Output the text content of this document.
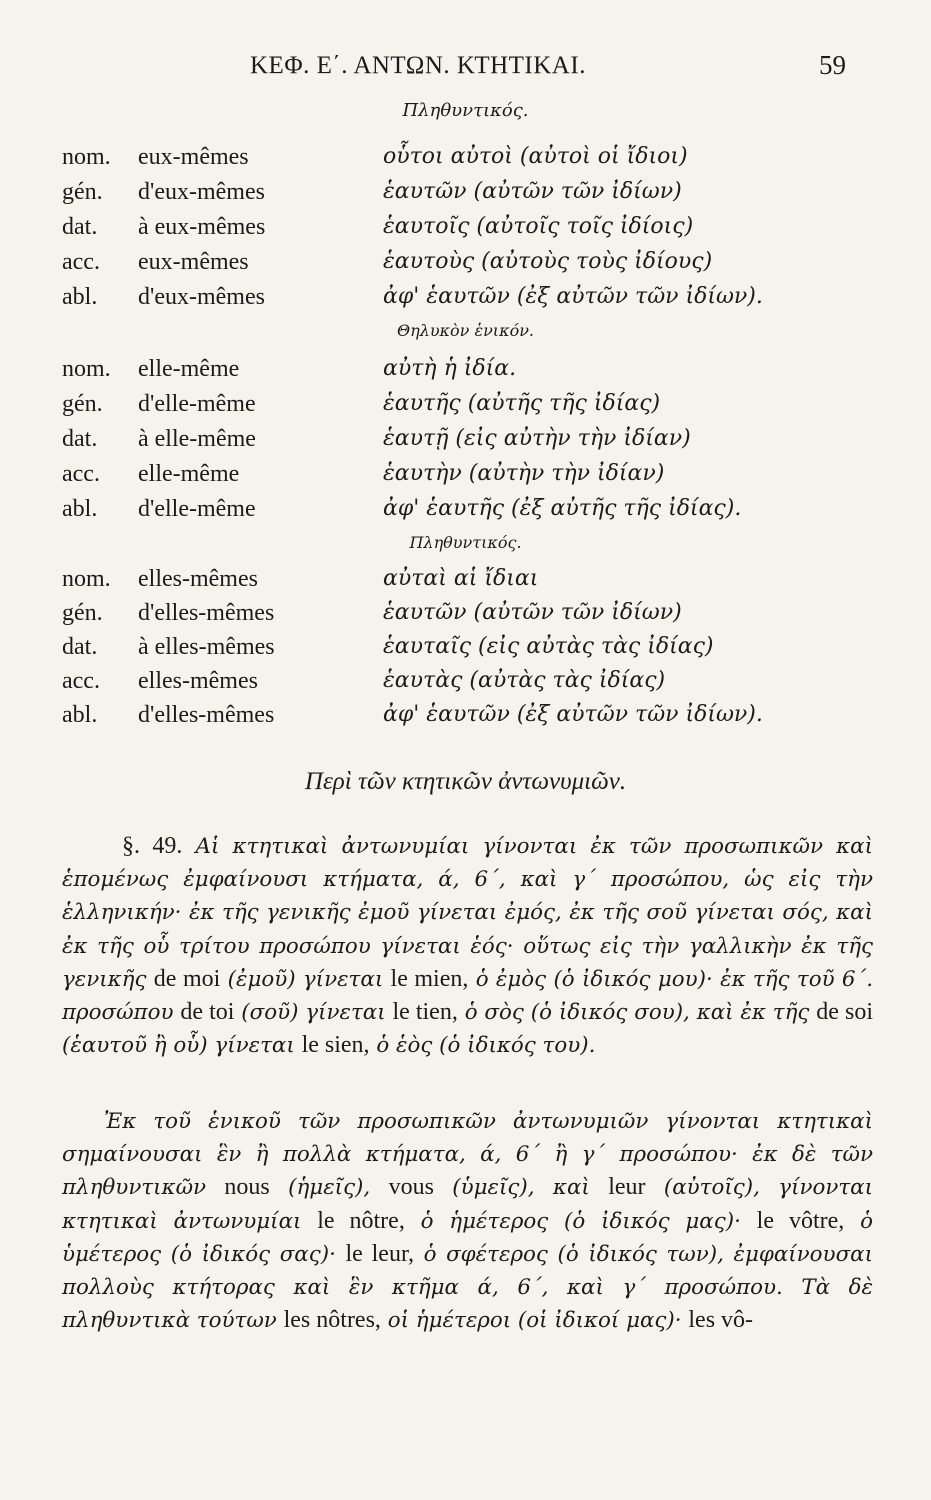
ΚΕΦ. Ε΄. ΑΝΤΩΝ. ΚΤΗΤΙΚΑΙ.	59
Πληθυντικός.
nom.	eux-mêmes	οὗτοι αὐτοὶ (αὐτοὶ οἱ ἴδιοι)
gén.	d'eux-mêmes	ἑαυτῶν (αὐτῶν τῶν ἰδίων)
dat.	à eux-mêmes	ἑαυτοῖς (αὐτοῖς τοῖς ἰδίοις)
acc.	eux-mêmes	ἑαυτοὺς (αὐτοὺς τοὺς ἰδίους)
abl.	d'eux-mêmes	ἀφ' ἑαυτῶν (ἐξ αὐτῶν τῶν ἰδίων).
Θηλυκὸν ἑνικόν.
nom.	elle-même	αὐτὴ ἡ ἰδία.
gén.	d'elle-même	ἑαυτῆς (αὐτῆς τῆς ἰδίας)
dat.	à elle-même	ἑαυτῇ (εἰς αὐτὴν τὴν ἰδίαν)
acc.	elle-même	ἑαυτὴν (αὐτὴν τὴν ἰδίαν)
abl.	d'elle-même	ἀφ' ἑαυτῆς (ἐξ αὐτῆς τῆς ἰδίας).
Πληθυντικός.
nom.	elles-mêmes	αὐταὶ αἱ ἴδιαι
gén.	d'elles-mêmes	ἑαυτῶν (αὐτῶν τῶν ἰδίων)
dat.	à elles-mêmes	ἑαυταῖς (εἰς αὐτὰς τὰς ἰδίας)
acc.	elles-mêmes	ἑαυτὰς (αὐτὰς τὰς ἰδίας)
abl.	d'elles-mêmes	ἀφ' ἑαυτῶν (ἐξ αὐτῶν τῶν ἰδίων).
Περὶ τῶν κτητικῶν ἀντωνυμιῶν.
§. 49. Αἱ κτητικαὶ ἀντωνυμίαι γίνονται ἐκ τῶν προσωπικῶν καὶ ἑπομένως ἐμφαίνουσι κτήματα, ά, 6΄, καὶ γ΄ προσώπου, ὡς εἰς τὴν ἑλληνικήν· ἐκ τῆς γενικῆς ἐμοῦ γίνεται ἐμός, ἐκ τῆς σοῦ γίνεται σός, καὶ ἐκ τῆς οὗ τρίτου προσώπου γίνεται ἑός· οὕτως εἰς τὴν γαλλικὴν ἐκ τῆς γενικῆς de moi (ἐμοῦ) γίνεται le mien, ὁ ἐμὸς (ὁ ἰδικός μου)· ἐκ τῆς τοῦ 6΄. προσώπου de toi (σοῦ) γίνεται le tien, ὁ σὸς (ὁ ἰδικός σου), καὶ ἐκ τῆς de soi (ἑαυτοῦ ἢ οὗ) γίνεται le sien, ὁ ἑὸς (ὁ ἰδικός του).
Ἐκ τοῦ ἑνικοῦ τῶν προσωπικῶν ἀντωνυμιῶν γίνονται κτητικαὶ σημαίνουσαι ἓν ἢ πολλὰ κτήματα, ά, 6΄ ἢ γ΄ προσώπου· ἐκ δὲ τῶν πληθυντικῶν nous (ἡμεῖς), vous (ὑμεῖς), καὶ leur (αὐτοῖς), γίνονται κτητικαὶ ἀντωνυμίαι le nôtre, ὁ ἡμέτερος (ὁ ἰδικός μας)· le vôtre, ὁ ὑμέτερος (ὁ ἰδικός σας)· le leur, ὁ σφέτερος (ὁ ἰδικός των), ἐμφαίνουσαι πολλοὺς κτήτορας καὶ ἓν κτῆμα ά, 6΄, καὶ γ΄ προσώπου. Τὰ δὲ πληθυντικὰ τούτων les nôtres, οἱ ἡμέτεροι (οἱ ἰδικοί μας)· les vô-
